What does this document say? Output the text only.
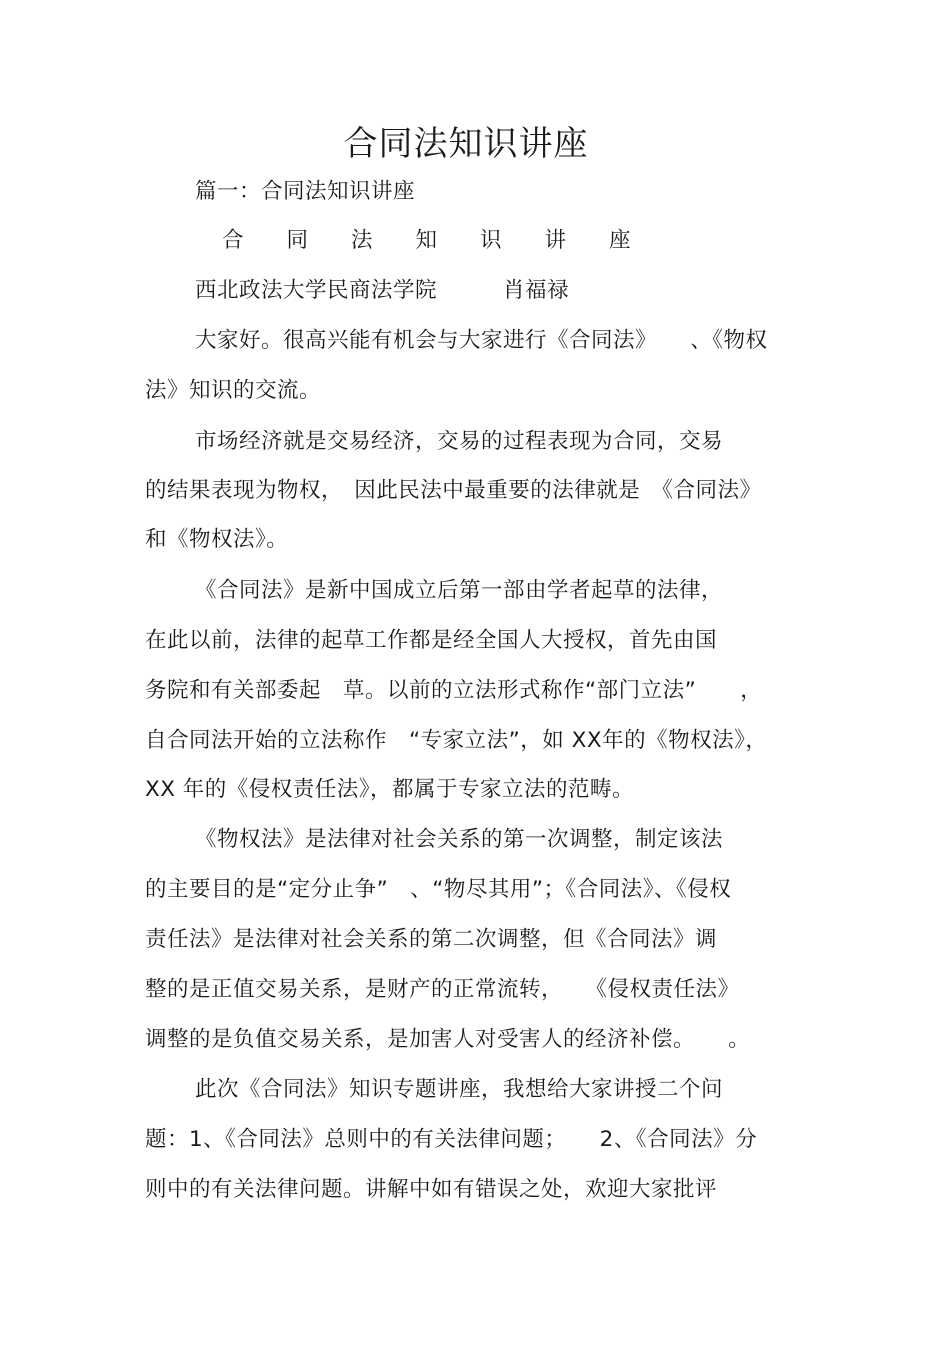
合同法知识讲座
篇一：合同法知识讲座
合　　同　　法　　知　　识　　讲　　座
西北政法大学民商法学院　　　肖福禄
大家好。很高兴能有机会与大家进行《合同法》　　、《物权
法》知识的交流。
市场经济就是交易经济，交易的过程表现为合同，交易
的结果表现为物权，　因此民法中最重要的法律就是　《合同法》
和《物权法》。
《合同法》是新中国成立后第一部由学者起草的法律，
在此以前，法律的起草工作都是经全国人大授权，首先由国
务院和有关部委起　草。以前的立法形式称作“部门立法”　　，
自合同法开始的立法称作　“专家立法”，如 XX年的《物权法》，
XX 年的《侵权责任法》，都属于专家立法的范畴。
《物权法》是法律对社会关系的第一次调整，制定该法
的主要目的是“定分止争”　、“物尽其用”；《合同法》、《侵权
责任法》是法律对社会关系的第二次调整，但《合同法》调
整的是正值交易关系，是财产的正常流转，　　《侵权责任法》
调整的是负值交易关系，是加害人对受害人的经济补偿。　　。
此次《合同法》知识专题讲座，我想给大家讲授二个问
题：1、《合同法》总则中的有关法律问题；　　2、《合同法》分
则中的有关法律问题。讲解中如有错误之处，欢迎大家批评
